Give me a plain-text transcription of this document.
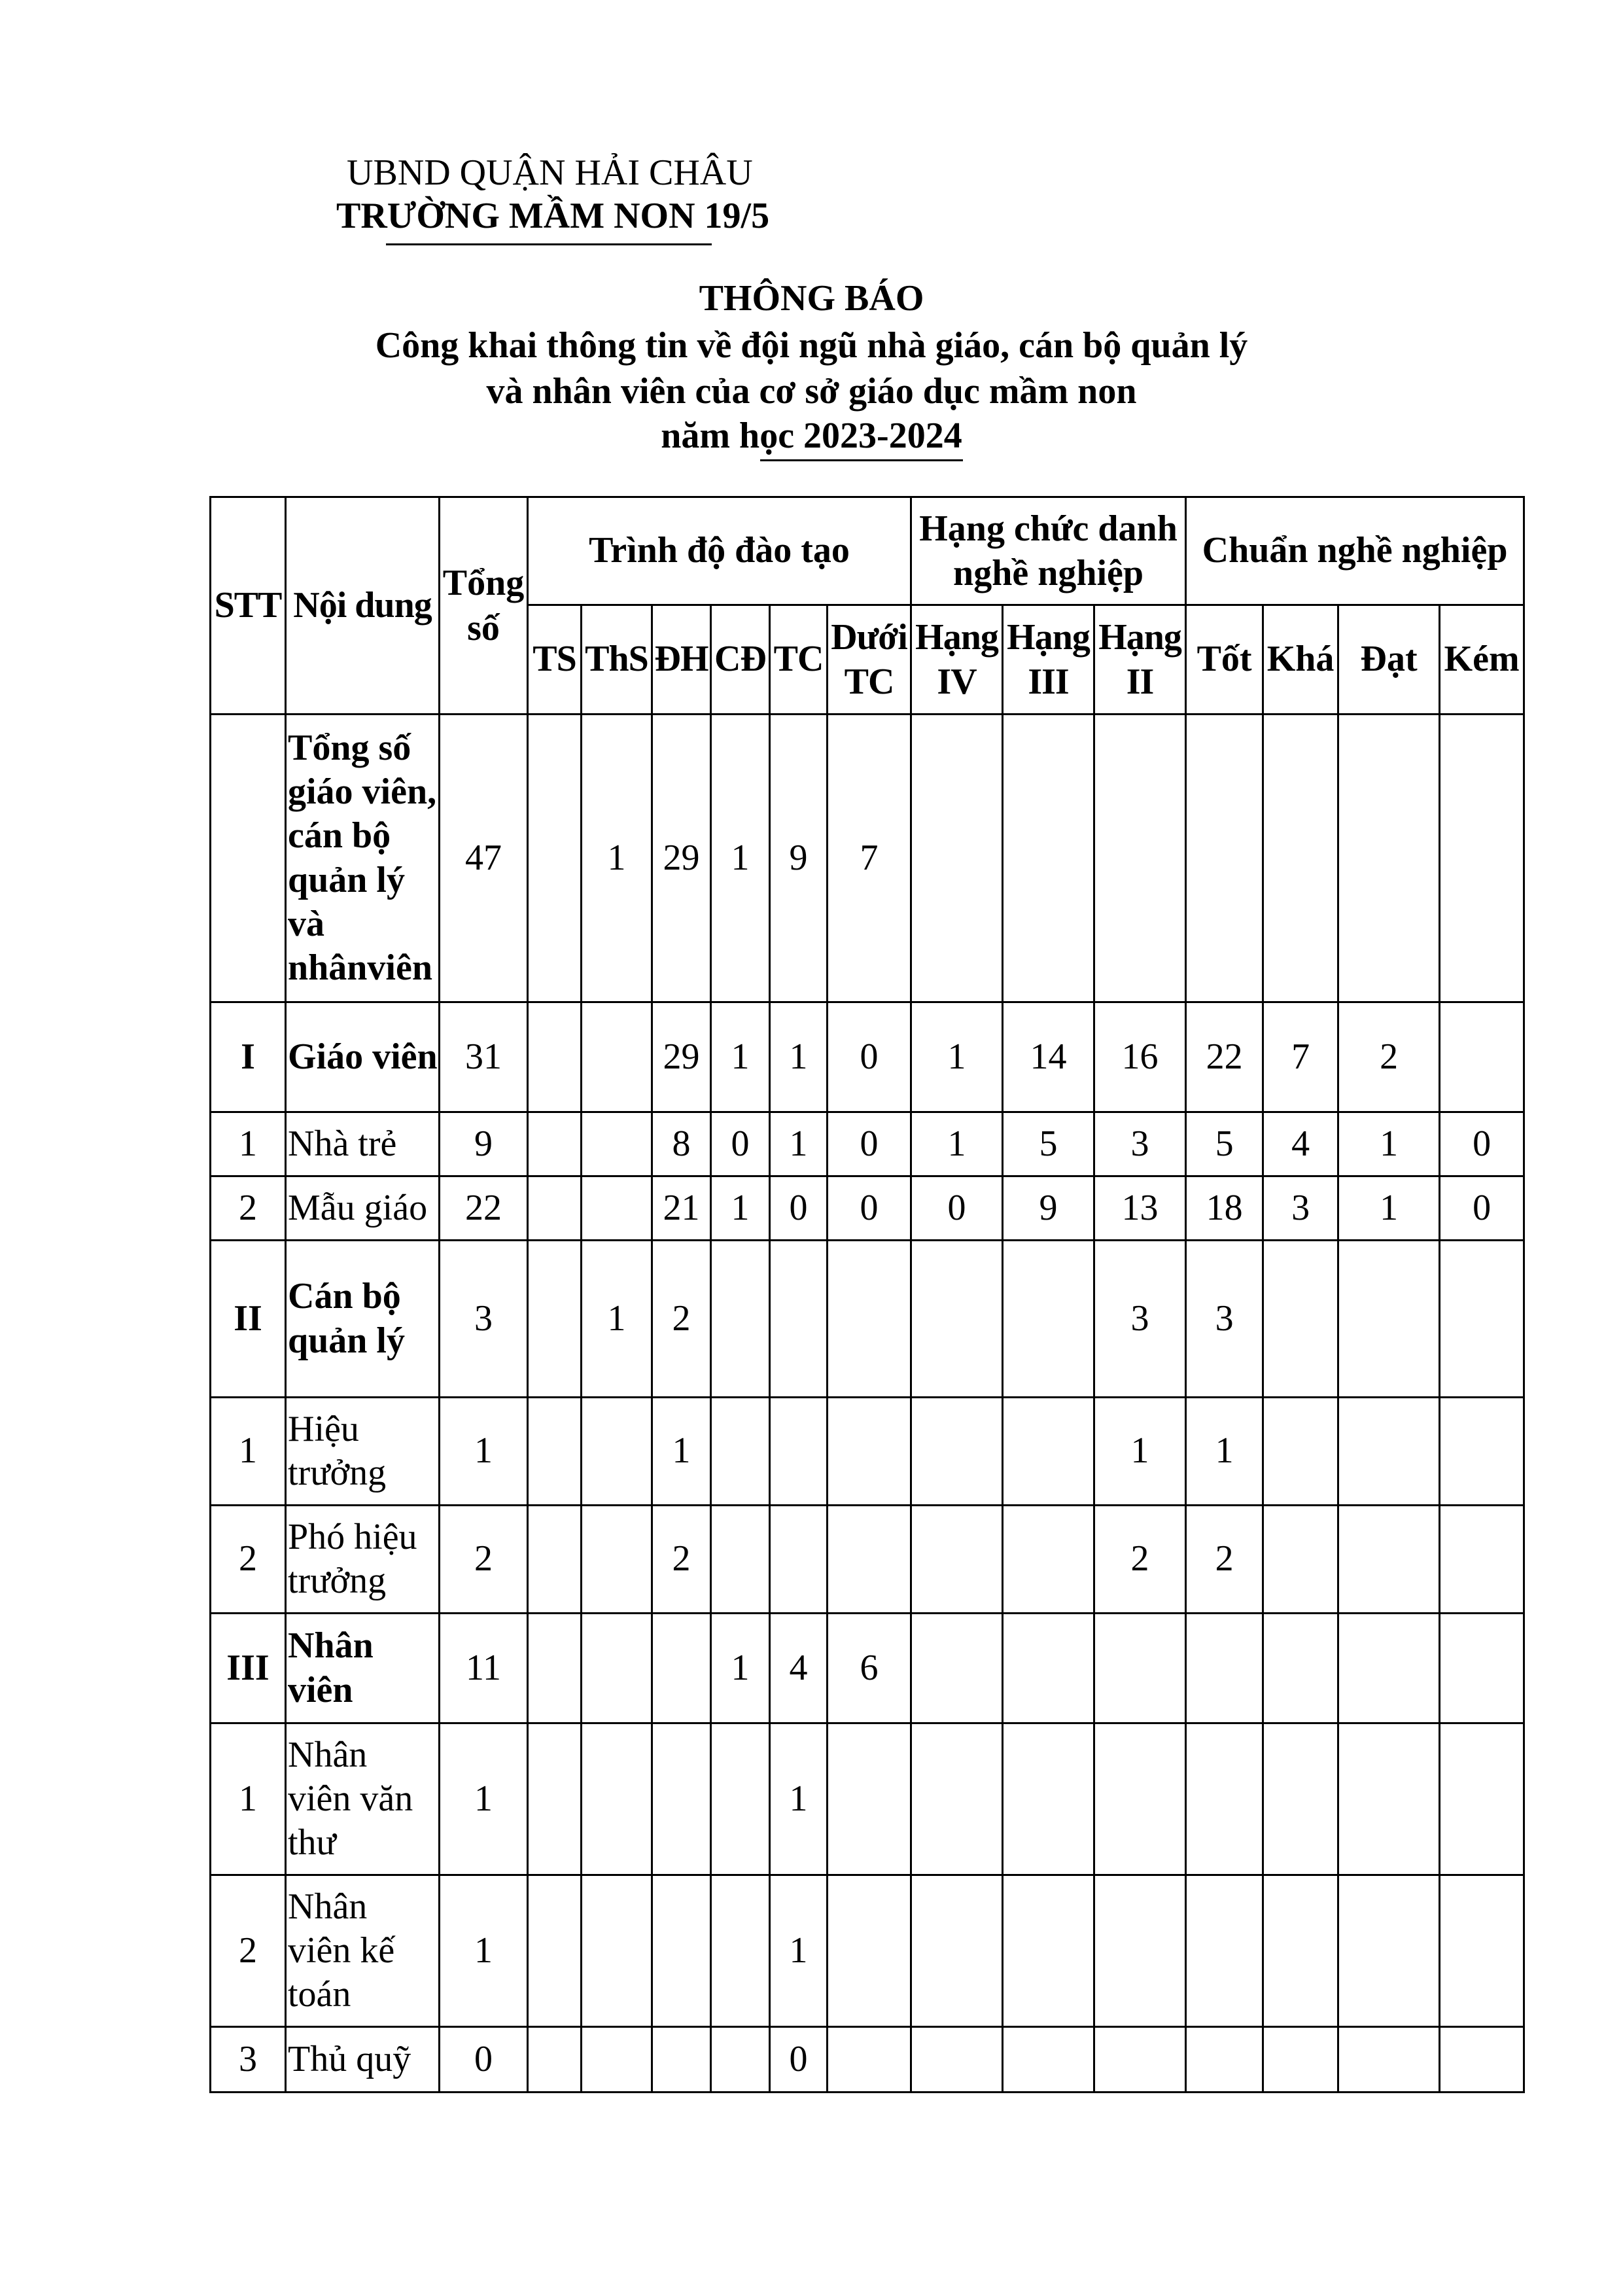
UBND QUẬN HẢI CHÂU
TRƯỜNG MẦM NON 19/5
THÔNG BÁO
Công khai thông tin về đội ngũ nhà giáo, cán bộ quản lý
và nhân viên của cơ sở giáo dục mầm non
năm học 2023-2024
STT	Nội dung	Tổng số	Trình độ đào tạo						Hạng chức danh nghề nghiệp			Chuẩn nghề nghiệp			
			TS	ThS	ĐH	CĐ	TC	Dưới TC	Hạng IV	Hạng III	Hạng II	Tốt	Khá	Đạt	Kém
	Tổng số giáo viên, cán bộ quản lý và nhânviên	47		1	29	1	9	7							
I	Giáo viên	31			29	1	1	0	1	14	16	22	7	2	
1	Nhà trẻ	9			8	0	1	0	1	5	3	5	4	1	0
2	Mẫu giáo	22			21	1	0	0	0	9	13	18	3	1	0
II	Cán bộ quản lý	3		1	2						3	3			
1	Hiệu trưởng	1			1						1	1			
2	Phó hiệu trưởng	2			2						2	2			
III	Nhân viên	11				1	4	6							
1	Nhân viên văn thư	1					1								
2	Nhân viên kế toán	1					1								
3	Thủ quỹ	0					0								
